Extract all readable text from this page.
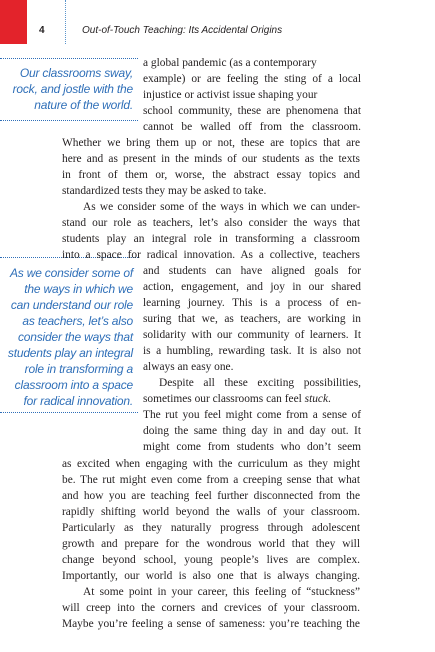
4	Out-of-Touch Teaching: Its Accidental Origins
Our classrooms sway,
rock, and jostle with the
nature of the world.
As we consider some of
the ways in which we
can understand our role
as teachers, let’s also
consider the ways that
students play an integral
role in transforming a
classroom into a space
for radical innovation.
a global pandemic (as a contemporary
example) or are feeling the sting of a local
injustice or activist issue shaping your
school community, these are phenomena that
cannot be walled off from the classroom.
Whether we bring them up or not, these are topics that are
here and as present in the minds of our students as the texts
in front of them or, worse, the abstract essay topics and
standardized tests they may be asked to take.
As we consider some of the ways in which we can under-
stand our role as teachers, let’s also consider the ways that
students play an integral role in transforming a classroom
into a space for radical innovation. As a collective, teachers
and students can have aligned goals for
action, engagement, and joy in our shared
learning journey. This is a process of en-
suring that we, as teachers, are working in
solidarity with our community of learners. It
is a humbling, rewarding task. It is also not
always an easy one.
Despite all these exciting possibilities,
sometimes our classrooms can feel stuck.
The rut you feel might come from a sense of
doing the same thing day in and day out. It
might come from students who don’t seem
as excited when engaging with the curriculum as they might
be. The rut might even come from a creeping sense that what
and how you are teaching feel further disconnected from the
rapidly shifting world beyond the walls of your classroom.
Particularly as they naturally progress through adolescent
growth and prepare for the wondrous world that they will
change beyond school, young people’s lives are complex.
Importantly, our world is also one that is always changing.
At some point in your career, this feeling of “stuckness”
will creep into the corners and crevices of your classroom.
Maybe you’re feeling a sense of sameness: you’re teaching the
